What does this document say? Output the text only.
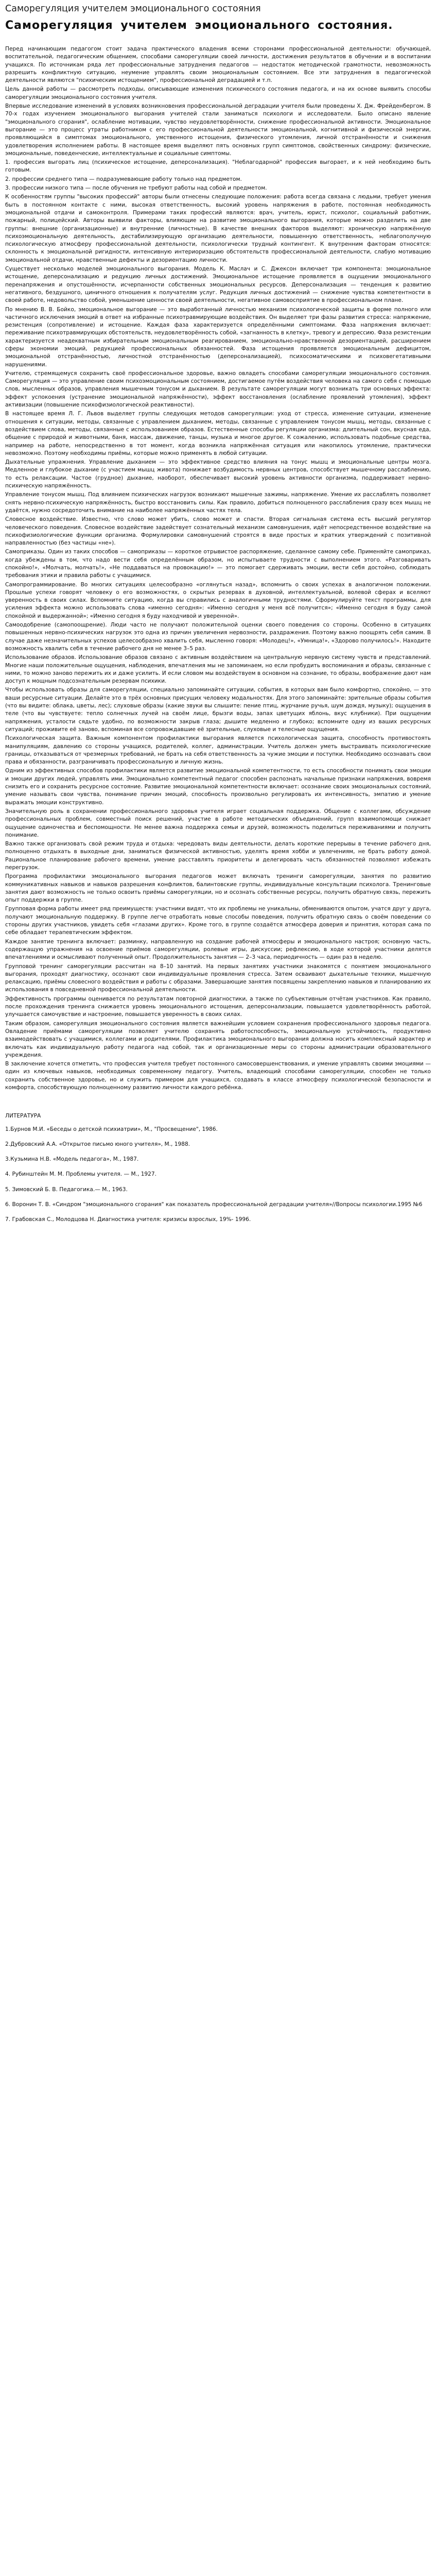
Саморегуляция учителем эмоционального состояния
Саморегуляция учителем эмоционального состояния.

Перед начинающим педагогом стоит задача практического владения всеми сторонами профессиональной деятельности: обучающей, воспитательной, педагогическим общением, способами саморегуляции своей личности, достижения результатов в обучении и в воспитании учащихся. По источникам ряда лет профессиональные затруднения педагогов — недостаток методической грамотности, невозможность разрешить конфликтную ситуацию, неумение управлять своим эмоциональным состоянием. Все эти затруднения в педагогической деятельности являются "психическим истощением", профессиональной деградацией и т.п.

Цель данной работы — рассмотреть подходы, описывающие изменения психического состояния педагога, и на их основе выявить способы саморегуляции эмоционального состояния учителя.

Впервые исследование изменений в условиях возникновения профессиональной деградации учителя были проведены Х. Дж. Фрейденбергом. В 70-х годах изучением эмоционального выгорания учителей стали заниматься психологи и исследователи. Было описано явление "эмоционального сгорания", ослабление мотивации, чувство неудовлетворённости, снижение профессиональной активности. Эмоциональное выгорание — это процесс утраты работником с его профессиональной деятельности эмоциональной, когнитивной и физической энергии, проявляющийся в симптомах эмоционального, умственного истощения, физического утомления, личной отстранённости и снижения удовлетворения исполнением работы. В настоящее время выделяют пять основных групп симптомов, свойственных синдрому: физические, эмоциональные, поведенческие, интеллектуальные и социальные симптомы.

1. профессия выгорать лиц (психическое истощение, деперсонализация). "Неблагодарной" профессия выгорает, и к ней необходимо быть готовым.

2. профессии среднего типа — подразумевающие работу только над предметом.

3. профессии низкого типа — после обучения не требуют работы над собой и предметом.

К особенностям группы "высоких профессий" авторы были отнесены следующие положения: работа всегда связана с людьми, требует умения быть в постоянном контакте с ними, высокая ответственность, высокий уровень напряжения в работе, постоянная необходимость эмоциональной отдачи и самоконтроля. Примерами таких профессий являются: врач, учитель, юрист, психолог, социальный работник, пожарный, полицейский. Авторы выявили факторы, влияющие на развитие эмоционального выгорания, которые можно разделить на две группы: внешние (организационные) и внутренние (личностные). В качестве внешних факторов выделяют: хроническую напряжённую психоэмоциональную деятельность, дестабилизирующую организацию деятельности, повышенную ответственность, неблагополучную психологическую атмосферу профессиональной деятельности, психологически трудный контингент. К внутренним факторам относятся: склонность к эмоциональной ригидности, интенсивную интериоризацию обстоятельств профессиональной деятельности, слабую мотивацию эмоциональной отдачи, нравственные дефекты и дезориентацию личности.

Существует несколько моделей эмоционального выгорания. Модель К. Маслач и С. Джексон включает три компонента: эмоциональное истощение, деперсонализацию и редукцию личных достижений. Эмоциональное истощение проявляется в ощущении эмоционального перенапряжения и опустошённости, исчерпанности собственных эмоциональных ресурсов. Деперсонализация — тенденция к развитию негативного, бездушного, циничного отношения к получателям услуг. Редукция личных достижений — снижение чувства компетентности в своей работе, недовольство собой, уменьшение ценности своей деятельности, негативное самовосприятие в профессиональном плане.

По мнению В. В. Бойко, эмоциональное выгорание — это выработанный личностью механизм психологической защиты в форме полного или частичного исключения эмоций в ответ на избранные психотравмирующие воздействия. Он выделяет три фазы развития стресса: напряжение, резистенция (сопротивление) и истощение. Каждая фаза характеризуется определёнными симптомами. Фаза напряжения включает: переживание психотравмирующих обстоятельств, неудовлетворённость собой, «загнанность в клетку», тревогу и депрессию. Фаза резистенции характеризуется неадекватным избирательным эмоциональным реагированием, эмоционально-нравственной дезориентацией, расширением сферы экономии эмоций, редукцией профессиональных обязанностей. Фаза истощения проявляется эмоциональным дефицитом, эмоциональной отстранённостью, личностной отстранённостью (деперсонализацией), психосоматическими и психовегетативными нарушениями.

Учителю, стремящемуся сохранить своё профессиональное здоровье, важно овладеть способами саморегуляции эмоционального состояния. Саморегуляция — это управление своим психоэмоциональным состоянием, достигаемое путём воздействия человека на самого себя с помощью слов, мысленных образов, управления мышечным тонусом и дыханием. В результате саморегуляции могут возникать три основных эффекта: эффект успокоения (устранение эмоциональной напряжённости), эффект восстановления (ослабление проявлений утомления), эффект активизации (повышение психофизиологической реактивности).

В настоящее время Л. Г. Львов выделяет группы следующих методов саморегуляции: уход от стресса, изменение ситуации, изменение отношения к ситуации, методы, связанные с управлением дыханием, методы, связанные с управлением тонусом мышц, методы, связанные с воздействием слова, методы, связанные с использованием образов. Естественные способы регуляции организма: длительный сон, вкусная еда, общение с природой и животными, баня, массаж, движение, танцы, музыка и многое другое. К сожалению, использовать подобные средства, например на работе, непосредственно в тот момент, когда возникла напряжённая ситуация или накопилось утомление, практически невозможно. Поэтому необходимы приёмы, которые можно применять в любой ситуации.

Дыхательные упражнения. Управление дыханием — это эффективное средство влияния на тонус мышц и эмоциональные центры мозга. Медленное и глубокое дыхание (с участием мышц живота) понижает возбудимость нервных центров, способствует мышечному расслаблению, то есть релаксации. Частое (грудное) дыхание, наоборот, обеспечивает высокий уровень активности организма, поддерживает нервно-психическую напряжённость.

Управление тонусом мышц. Под влиянием психических нагрузок возникают мышечные зажимы, напряжение. Умение их расслаблять позволяет снять нервно-психическую напряжённость, быстро восстановить силы. Как правило, добиться полноценного расслабления сразу всех мышц не удаётся, нужно сосредоточить внимание на наиболее напряжённых частях тела.

Словесное воздействие. Известно, что слово может убить, слово может и спасти. Вторая сигнальная система есть высший регулятор человеческого поведения. Словесное воздействие задействует сознательный механизм самовнушения, идёт непосредственное воздействие на психофизиологические функции организма. Формулировки самовнушений строятся в виде простых и кратких утверждений с позитивной направленностью (без частицы «не»).

Самоприказы. Один из таких способов — самоприказы — короткое отрывистое распоряжение, сделанное самому себе. Применяйте самоприказ, когда убеждены в том, что надо вести себя определённым образом, но испытываете трудности с выполнением этого. «Разговаривать спокойно!», «Молчать, молчать!», «Не поддаваться на провокацию!» — это помогает сдерживать эмоции, вести себя достойно, соблюдать требования этики и правила работы с учащимися.

Самопрограммирование. Во многих ситуациях целесообразно «оглянуться назад», вспомнить о своих успехах в аналогичном положении. Прошлые успехи говорят человеку о его возможностях, о скрытых резервах в духовной, интеллектуальной, волевой сферах и вселяют уверенность в своих силах. Вспомните ситуацию, когда вы справились с аналогичными трудностями. Сформулируйте текст программы, для усиления эффекта можно использовать слова «именно сегодня»: «Именно сегодня у меня всё получится»; «Именно сегодня я буду самой спокойной и выдержанной»; «Именно сегодня я буду находчивой и уверенной».

Самоодобрение (самопоощрение). Люди часто не получают положительной оценки своего поведения со стороны. Особенно в ситуациях повышенных нервно-психических нагрузок это одна из причин увеличения нервозности, раздражения. Поэтому важно поощрять себя самим. В случае даже незначительных успехов целесообразно хвалить себя, мысленно говоря: «Молодец!», «Умница!», «Здорово получилось!». Находите возможность хвалить себя в течение рабочего дня не менее 3–5 раз.

Использование образов. Использование образов связано с активным воздействием на центральную нервную систему чувств и представлений. Многие наши положительные ощущения, наблюдения, впечатления мы не запоминаем, но если пробудить воспоминания и образы, связанные с ними, то можно заново пережить их и даже усилить. И если словом мы воздействуем в основном на сознание, то образы, воображение дают нам доступ к мощным подсознательным резервам психики.

Чтобы использовать образы для саморегуляции, специально запоминайте ситуации, события, в которых вам было комфортно, спокойно, — это ваши ресурсные ситуации. Делайте это в трёх основных присущих человеку модальностях. Для этого запоминайте: зрительные образы события (что вы видите: облака, цветы, лес); слуховые образы (какие звуки вы слышите: пение птиц, журчание ручья, шум дождя, музыку); ощущения в теле (что вы чувствуете: тепло солнечных лучей на своём лице, брызги воды, запах цветущих яблонь, вкус клубники). При ощущении напряжения, усталости сядьте удобно, по возможности закрыв глаза; дышите медленно и глубоко; вспомните одну из ваших ресурсных ситуаций; проживите её заново, вспоминая все сопровождавшие её зрительные, слуховые и телесные ощущения.

Психологическая защита. Важным компонентом профилактики выгорания является психологическая защита, способность противостоять манипуляциям, давлению со стороны учащихся, родителей, коллег, администрации. Учитель должен уметь выстраивать психологические границы, отказываться от чрезмерных требований, не брать на себя ответственность за чужие эмоции и поступки. Необходимо осознавать свои права и обязанности, разграничивать профессиональную и личную жизнь.

Одним из эффективных способов профилактики является развитие эмоциональной компетентности, то есть способности понимать свои эмоции и эмоции других людей, управлять ими. Эмоционально компетентный педагог способен распознать начальные признаки напряжения, вовремя снизить его и сохранить ресурсное состояние. Развитие эмоциональной компетентности включает: осознание своих эмоциональных состояний, умение называть свои чувства, понимание причин эмоций, способность произвольно регулировать их интенсивность, эмпатию и умение выражать эмоции конструктивно.

Значительную роль в сохранении профессионального здоровья учителя играет социальная поддержка. Общение с коллегами, обсуждение профессиональных проблем, совместный поиск решений, участие в работе методических объединений, групп взаимопомощи снижает ощущение одиночества и беспомощности. Не менее важна поддержка семьи и друзей, возможность поделиться переживаниями и получить понимание.

Важно также организовать свой режим труда и отдыха: чередовать виды деятельности, делать короткие перерывы в течение рабочего дня, полноценно отдыхать в выходные дни, заниматься физической активностью, уделять время хобби и увлечениям, не брать работу домой. Рациональное планирование рабочего времени, умение расставлять приоритеты и делегировать часть обязанностей позволяют избежать перегрузок.

Программа профилактики эмоционального выгорания педагогов может включать тренинги саморегуляции, занятия по развитию коммуникативных навыков и навыков разрешения конфликтов, балинтовские группы, индивидуальные консультации психолога. Тренинговые занятия дают возможность не только освоить приёмы саморегуляции, но и осознать собственные ресурсы, получить обратную связь, пережить опыт поддержки в группе.

Групповая форма работы имеет ряд преимуществ: участники видят, что их проблемы не уникальны, обмениваются опытом, учатся друг у друга, получают эмоциональную поддержку. В группе легче отработать новые способы поведения, получить обратную связь о своём поведении со стороны других участников, увидеть себя «глазами других». Кроме того, в группе создаётся атмосфера доверия и принятия, которая сама по себе обладает терапевтическим эффектом.

Каждое занятие тренинга включает: разминку, направленную на создание рабочей атмосферы и эмоционального настроя; основную часть, содержащую упражнения на освоение приёмов саморегуляции, ролевые игры, дискуссии; рефлексию, в ходе которой участники делятся впечатлениями и осмысливают полученный опыт. Продолжительность занятия — 2–3 часа, периодичность — один раз в неделю.

Групповой тренинг саморегуляции рассчитан на 8–10 занятий. На первых занятиях участники знакомятся с понятием эмоционального выгорания, проходят диагностику, осознают свои индивидуальные проявления стресса. Затем осваивают дыхательные техники, мышечную релаксацию, приёмы словесного воздействия и работы с образами. Завершающие занятия посвящены закреплению навыков и планированию их использования в повседневной профессиональной деятельности.

Эффективность программы оценивается по результатам повторной диагностики, а также по субъективным отчётам участников. Как правило, после прохождения тренинга снижается уровень эмоционального истощения, деперсонализации, повышается удовлетворённость работой, улучшается самочувствие и настроение, повышается уверенность в своих силах.

Таким образом, саморегуляция эмоционального состояния является важнейшим условием сохранения профессионального здоровья педагога. Овладение приёмами саморегуляции позволяет учителю сохранять работоспособность, эмоциональную устойчивость, продуктивно взаимодействовать с учащимися, коллегами и родителями. Профилактика эмоционального выгорания должна носить комплексный характер и включать как индивидуальную работу педагога над собой, так и организационные меры со стороны администрации образовательного учреждения.

В заключение хочется отметить, что профессия учителя требует постоянного самосовершенствования, и умение управлять своими эмоциями — один из ключевых навыков, необходимых современному педагогу. Учитель, владеющий способами саморегуляции, способен не только сохранить собственное здоровье, но и служить примером для учащихся, создавать в классе атмосферу психологической безопасности и комфорта, способствующую полноценному развитию личности каждого ребёнка.

ЛИТЕРАТУРА

1.Бурнов М.И. «Беседы о детской психиатрии», М., "Просвещение", 1986.

2.Дубровский А.А. «Открытое письмо юного учителя», М., 1988.

3.Кузьмина Н.В. «Модель педагога», М., 1987.

4. Рубинштейн М. М. Проблемы учителя. — М., 1927.

5. Зимовский Б. В. Педагогика.— М., 1963.

6. Воронин Т. В. «Синдром "эмоционального сгорания" как показатель профессиональной деградации учителя»//Вопросы психологии.1995 №6

7. Грабовская С., Молодцова Н. Диагностика учителя: кризисы взрослых, 19%- 1996.
